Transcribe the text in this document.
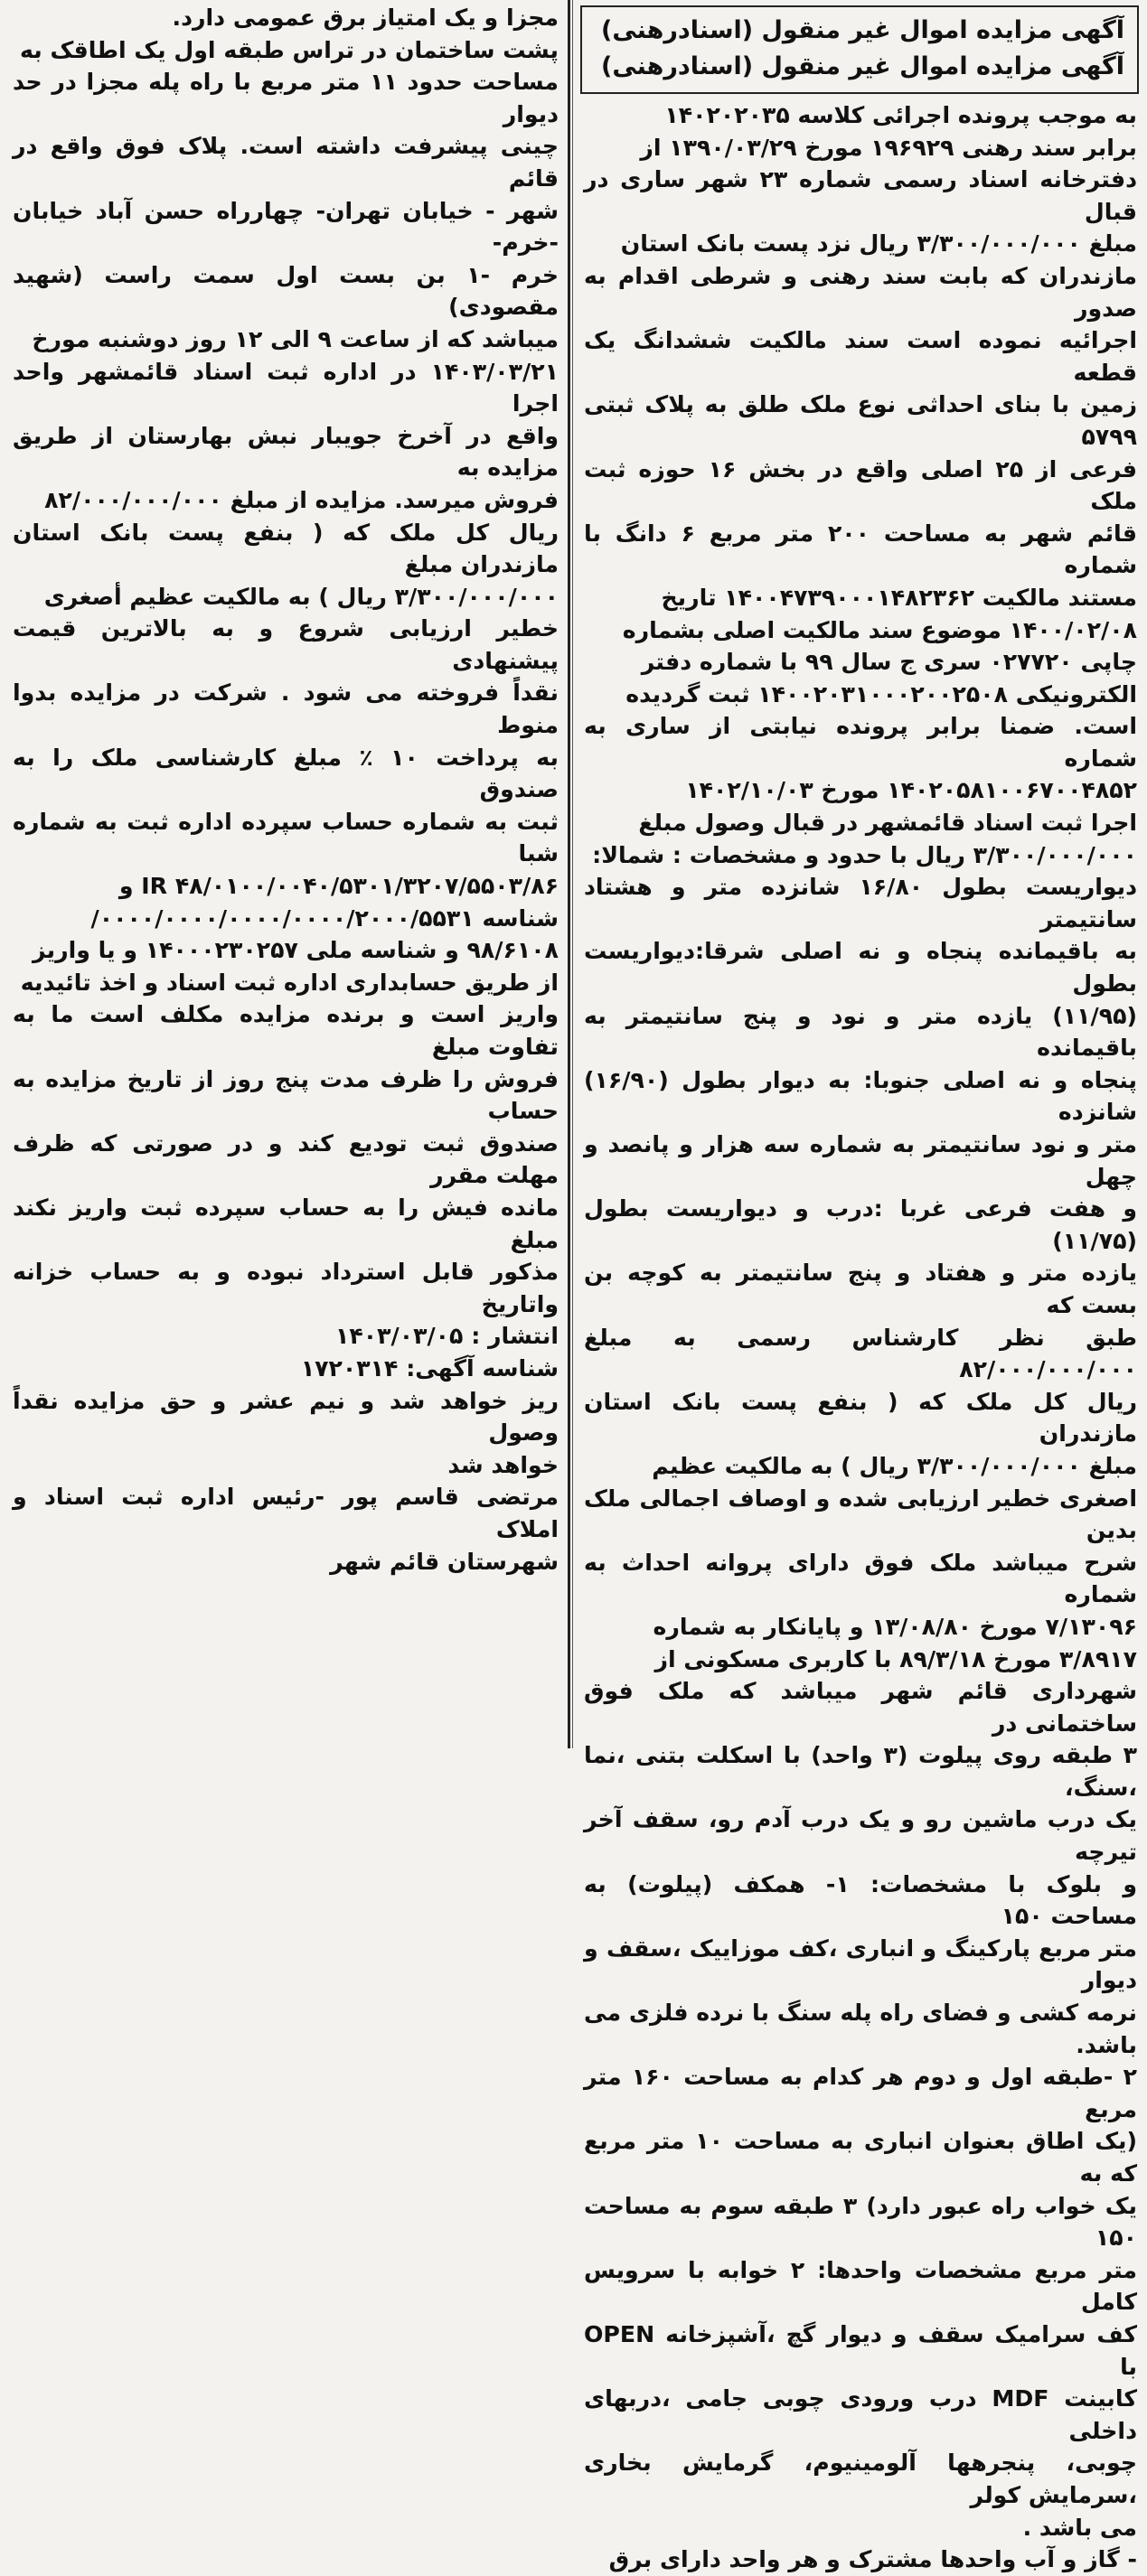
آگهی مزایده اموال غیر منقول (اسنادرهنی)
آگهی مزایده اموال غیر منقول (اسنادرهنی)
به موجب پرونده اجرائی کلاسه ۱۴۰۲۰۲۰۳۵
برابر سند رهنی ۱۹۶۹۲۹ مورخ ۱۳۹۰/۰۳/۲۹ از
دفترخانه اسناد رسمی شماره ۲۳ شهر ساری در قبال
مبلغ ۳/۳۰۰/۰۰۰/۰۰۰ ریال نزد پست بانک استان
مازندران که بابت سند رهنی و شرطی اقدام به صدور
اجرائیه نموده است سند مالکیت ششدانگ یک قطعه
زمین با بنای احداثی نوع ملک طلق به پلاک ثبتی ۵۷۹۹
فرعی از ۲۵ اصلی واقع در بخش ۱۶ حوزه ثبت ملک
قائم شهر به مساحت ۲۰۰ متر مربع ۶ دانگ با شماره
مستند مالکیت ۱۴۰۰۴۷۳۹۰۰۰۱۴۸۲۳۶۲ تاریخ
۱۴۰۰/۰۲/۰۸ موضوع سند مالکیت اصلی بشماره
چاپی ۰۲۷۷۲۰ سری ج سال ۹۹ با شماره دفتر
الکترونیکی ۱۴۰۰۲۰۳۱۰۰۰۲۰۰۲۵۰۸ ثبت گردیده
است. ضمنا برابر پرونده نیابتی از ساری به شماره
۱۴۰۲۰۵۸۱۰۰۶۷۰۰۴۸۵۲ مورخ ۱۴۰۲/۱۰/۰۳
اجرا ثبت اسناد قائمشهر در قبال وصول مبلغ
۳/۳۰۰/۰۰۰/۰۰۰ ریال با حدود و مشخصات : شمالا:
دیواریست بطول ۱۶/۸۰ شانزده متر و هشتاد سانتیمتر
به باقیمانده پنجاه و نه اصلی شرقا:دیواریست بطول
(۱۱/۹۵) یازده متر و نود و پنج سانتیمتر به باقیمانده
پنجاه و نه اصلی جنوبا: به دیوار بطول (۱۶/۹۰) شانزده
متر و نود سانتیمتر به شماره سه هزار و پانصد و چهل
و هفت فرعی غربا :درب و دیواریست بطول (۱۱/۷۵)
یازده متر و هفتاد و پنج سانتیمتر به کوچه بن بست که
طبق نظر کارشناس رسمی به مبلغ ۸۲/۰۰۰/۰۰۰/۰۰۰
ریال کل ملک که ( بنفع پست بانک استان مازندران
مبلغ ۳/۳۰۰/۰۰۰/۰۰۰ ریال ) به مالکیت عظیم
اصغری خطیر ارزیابی شده و اوصاف اجمالی ملک بدین
شرح میباشد ملک فوق دارای پروانه احداث به شماره
۷/۱۳۰۹۶ مورخ ۱۳/۰۸/۸۰ و پایانکار به شماره
۳/۸۹۱۷ مورخ ۸۹/۳/۱۸ با کاربری مسکونی از
شهرداری قائم شهر میباشد که ملک فوق ساختمانی در
۳ طبقه روی پیلوت (۳ واحد) با اسکلت بتنی ،نما ،سنگ،
یک درب ماشین رو و یک درب آدم رو، سقف آخر تیرچه
و بلوک با مشخصات: ۱- همکف (پیلوت) به مساحت ۱۵۰
متر مربع پارکینگ و انباری ،کف موزاییک ،سقف و دیوار
نرمه کشی و فضای راه پله سنگ با نرده فلزی می باشد.
۲ -طبقه اول و دوم هر کدام به مساحت ۱۶۰ متر مربع
(یک اطاق بعنوان انباری به مساحت ۱۰ متر مربع که به
یک خواب راه عبور دارد) ۳ طبقه سوم به مساحت ۱۵۰
متر مربع مشخصات واحدها: ۲ خوابه با سرویس کامل
کف سرامیک سقف و دیوار گچ ،آشپزخانه OPEN با
کابینت MDF درب ورودی چوبی جامی ،دربهای داخلی
چوبی، پنجرهها آلومینیوم، گرمایش بخاری ،سرمایش کولر
می باشد .
- گاز و آب واحدها مشترک و هر واحد دارای برق
مجزا و یک امتیاز برق عمومی دارد.
پشت ساختمان در تراس طبقه اول یک اطاقک به
مساحت حدود ۱۱ متر مربع با راه پله مجزا در حد دیوار
چینی پیشرفت داشته است. پلاک فوق واقع در قائم
شهر - خیابان تهران- چهارراه حسن آباد خیابان -خرم-
خرم -۱ بن بست اول سمت راست (شهید مقصودی)
میباشد که از ساعت ۹ الی ۱۲ روز دوشنبه مورخ
۱۴۰۳/۰۳/۲۱ در اداره ثبت اسناد قائمشهر واحد اجرا
واقع در آخرخ جویبار نبش بهارستان از طریق مزایده به
فروش میرسد. مزایده از مبلغ ۸۲/۰۰۰/۰۰۰/۰۰۰
ریال کل ملک که ( بنفع پست بانک استان مازندران مبلغ
۳/۳۰۰/۰۰۰/۰۰۰ ریال ) به مالکیت عظیم أصغری
خطیر ارزیابی شروع و به بالاترین قیمت پیشنهادی
نقداً فروخته می شود . شرکت در مزایده بدوا منوط
به پرداخت ۱۰ ٪ مبلغ کارشناسی ملک را به صندوق
ثبت به شماره حساب سپرده اداره ثبت به شماره شبا
IR ۴۸/۰۱۰۰/۰۰۴۰/۵۳۰۱/۳۲۰۷/۵۵۰۳/۸۶ و
شناسه ۰۰۰۰/۰۰۰۰/۰۰۰۰/۰۰۰۰/۲۰۰۰/۵۵۳۱/
۹۸/۶۱۰۸ و شناسه ملی ۱۴۰۰۰۲۳۰۲۵۷ و یا واریز
از طریق حسابداری اداره ثبت اسناد و اخذ تائیدیه
واریز است و برنده مزایده مکلف است ما به تفاوت مبلغ
فروش را ظرف مدت پنج روز از تاریخ مزایده به حساب
صندوق ثبت تودیع کند و در صورتی که ظرف مهلت مقرر
مانده فیش را به حساب سپرده ثبت واریز نکند مبلغ
مذکور قابل استرداد نبوده و به حساب خزانه واتاریخ
انتشار : ۱۴۰۳/۰۳/۰۵
شناسه آگهی: ۱۷۲۰۳۱۴
ریز خواهد شد و نیم عشر و حق مزایده نقداً وصول
خواهد شد
مرتضی قاسم پور -رئیس اداره ثبت اسناد و املاک
شهرستان قائم شهر
